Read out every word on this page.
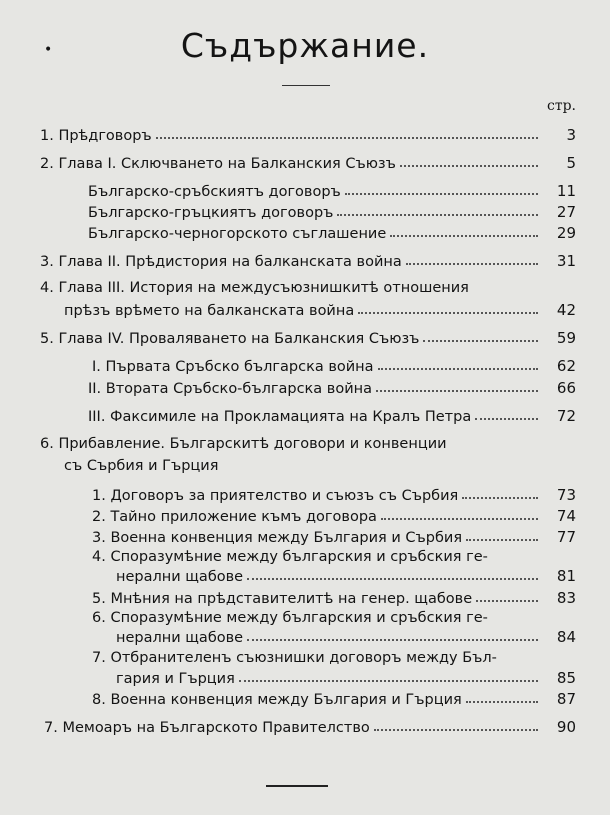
•	Съдържание.
стр.
1. Прѣдговоръ	3
2. Глава I. Сключването на Балканския Съюзъ	5
Българско-сръбскиятъ договоръ	11
Българско-гръцкиятъ договоръ	27
Българско-черногорското съглашение	29
3. Глава II. Прѣдистория на балканската война	31
4. Глава III. История на междусъюзнишкитѣ отношения
прѣзъ врѣмето на балканската война	42
5. Глава IV. Проваляването на Балканския Съюзъ	59
I. Първата Сръбско българска война	62
II. Втората Сръбско-българска война	66
III. Факсимиле на Прокламацията на Кралъ Петра	72
6. Прибавление. Българскитѣ договори и конвенции
съ Сърбия и Гърция
1. Договоръ за приятелство и съюзъ съ Сърбия	73
2. Тайно приложение къмъ договора	74
3. Военна конвенция между България и Сърбия	77
4. Споразумѣние между българския и сръбския ге-
нерални щабове	81
5. Мнѣния на прѣдставителитѣ на генер. щабове	83
6. Споразумѣние между българския и сръбския ге-
нерални щабове	84
7. Отбранителенъ съюзнишки договоръ между Бъл-
гария и Гърция	85
8. Военна конвенция между България и Гърция	87
7. Мемоаръ на Българското Правителство	90
